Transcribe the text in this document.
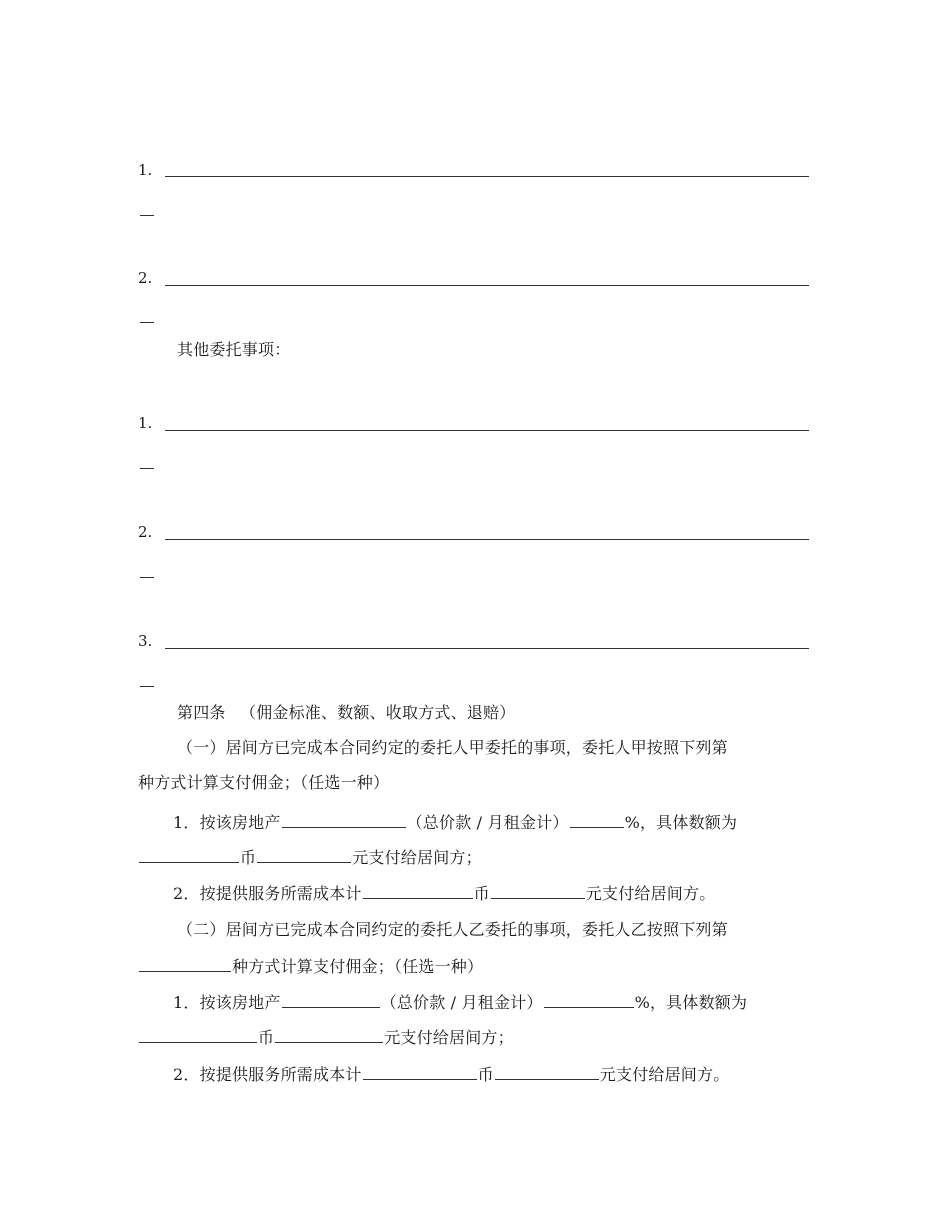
1.
2.
其他委托事项：
1.
2.
3.
第四条 （佣金标准、数额、收取方式、退赔）
（一）居间方已完成本合同约定的委托人甲委托的事项，委托人甲按照下列第
种方式计算支付佣金；（任选一种）
1．按该房地产	（总价款 / 月租金计）	%，具体数额为
币	元支付给居间方；
2．按提供服务所需成本计	币	元支付给居间方。
（二）居间方已完成本合同约定的委托人乙委托的事项，委托人乙按照下列第
种方式计算支付佣金；（任选一种）
1．按该房地产	（总价款 / 月租金计）	%，具体数额为
币	元支付给居间方；
2．按提供服务所需成本计	币	元支付给居间方。
